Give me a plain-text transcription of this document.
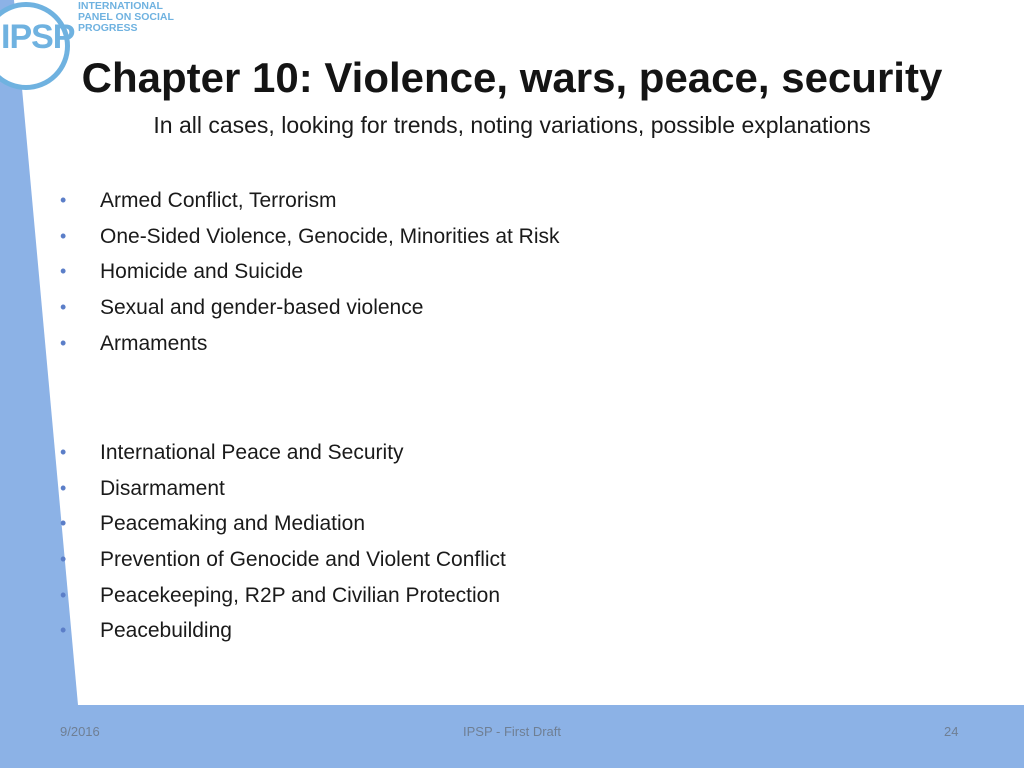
IPSP
INTERNATIONAL PANEL ON SOCIAL PROGRESS
Chapter 10: Violence, wars, peace, security

In all cases, looking for trends, noting variations, possible explanations

• Armed Conflict, Terrorism
• One-Sided Violence, Genocide, Minorities at Risk
• Homicide and Suicide
• Sexual and gender-based violence
• Armaments
• International Peace and Security
• Disarmament
• Peacemaking and Mediation
• Prevention of Genocide and Violent Conflict
• Peacekeeping, R2P and Civilian Protection
• Peacebuilding
9/2016	IPSP - First Draft	24
